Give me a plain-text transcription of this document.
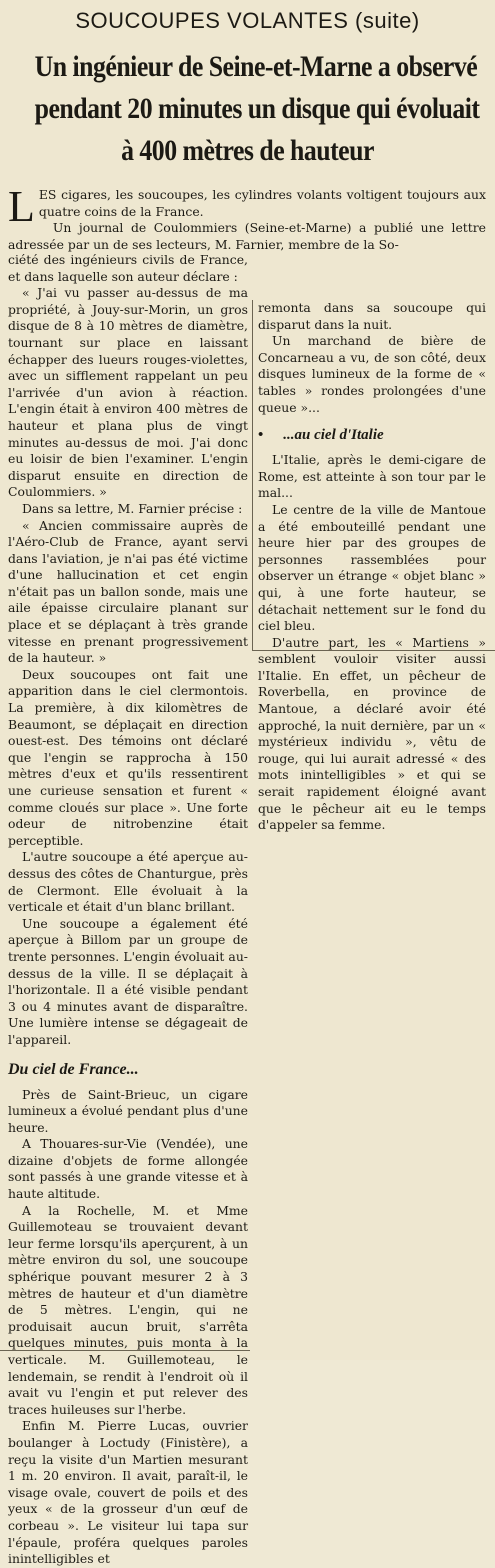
SOUCOUPES VOLANTES (suite)
Un ingénieur de Seine-et-Marne a observé
pendant 20 minutes un disque qui évoluait
à 400 mètres de hauteur
L ES cigares, les soucoupes, les cylindres volants voltigent toujours aux quatre coins de la France.

Un journal de Coulommiers (Seine-et-Marne) a publié une lettre adressée par un de ses lecteurs, M. Farnier, membre de la So-

ciété des ingénieurs civils de France, et dans laquelle son auteur déclare :

« J'ai vu passer au-dessus de ma propriété, à Jouy-sur-Morin, un gros disque de 8 à 10 mètres de diamètre, tournant sur place en laissant échapper des lueurs rouges-violettes, avec un sifflement rappelant un peu l'arrivée d'un avion à réaction. L'engin était à environ 400 mètres de hauteur et plana plus de vingt minutes au-dessus de moi. J'ai donc eu loisir de bien l'examiner. L'engin disparut ensuite en direction de Coulommiers. »

Dans sa lettre, M. Farnier précise :

« Ancien commissaire auprès de l'Aéro-Club de France, ayant servi dans l'aviation, je n'ai pas été victime d'une hallucination et cet engin n'était pas un ballon sonde, mais une aile épaisse circulaire planant sur place et se déplaçant à très grande vitesse en prenant progressivement de la hauteur. »

Deux soucoupes ont fait une apparition dans le ciel clermontois. La première, à dix kilomètres de Beaumont, se déplaçait en direction ouest-est. Des témoins ont déclaré que l'engin se rapprocha à 150 mètres d'eux et qu'ils ressentirent une curieuse sensation et furent « comme cloués sur place ». Une forte odeur de nitrobenzine était perceptible.

L'autre soucoupe a été aperçue au-dessus des côtes de Chanturgue, près de Clermont. Elle évoluait à la verticale et était d'un blanc brillant.

Une soucoupe a également été aperçue à Billom par un groupe de trente personnes. L'engin évoluait au-dessus de la ville. Il se déplaçait à l'horizontale. Il a été visible pendant 3 ou 4 minutes avant de disparaître. Une lumière intense se dégageait de l'appareil.

Du ciel de France...

Près de Saint-Brieuc, un cigare lumineux a évolué pendant plus d'une heure.

A Thouares-sur-Vie (Vendée), une dizaine d'objets de forme allongée sont passés à une grande vitesse et à haute altitude.

A la Rochelle, M. et Mme Guillemoteau se trouvaient devant leur ferme lorsqu'ils aperçurent, à un mètre environ du sol, une soucoupe sphérique pouvant mesurer 2 à 3 mètres de hauteur et d'un diamètre de 5 mètres. L'engin, qui ne produisait aucun bruit, s'arrêta quelques minutes, puis monta à la verticale. M. Guillemoteau, le lendemain, se rendit à l'endroit où il avait vu l'engin et put relever des traces huileuses sur l'herbe.

Enfin M. Pierre Lucas, ouvrier boulanger à Loctudy (Finistère), a reçu la visite d'un Martien mesurant 1 m. 20 environ. Il avait, paraît-il, le visage ovale, couvert de poils et des yeux « de la grosseur d'un œuf de corbeau ». Le visiteur lui tapa sur l'épaule, proféra quelques paroles inintelligibles et

remonta dans sa soucoupe qui disparut dans la nuit.

Un marchand de bière de Concarneau a vu, de son côté, deux disques lumineux de la forme de « tables » rondes prolongées d'une queue »...

• ...au ciel d'Italie

L'Italie, après le demi-cigare de Rome, est atteinte à son tour par le mal...

Le centre de la ville de Mantoue a été embouteillé pendant une heure hier par des groupes de personnes rassemblées pour observer un étrange « objet blanc » qui, à une forte hauteur, se détachait nettement sur le fond du ciel bleu.

D'autre part, les « Martiens » semblent vouloir visiter aussi l'Italie. En effet, un pêcheur de Roverbella, en province de Mantoue, a déclaré avoir été approché, la nuit dernière, par un « mystérieux individu », vêtu de rouge, qui lui aurait adressé « des mots inintelligibles » et qui se serait rapidement éloigné avant que le pêcheur ait eu le temps d'appeler sa femme.
